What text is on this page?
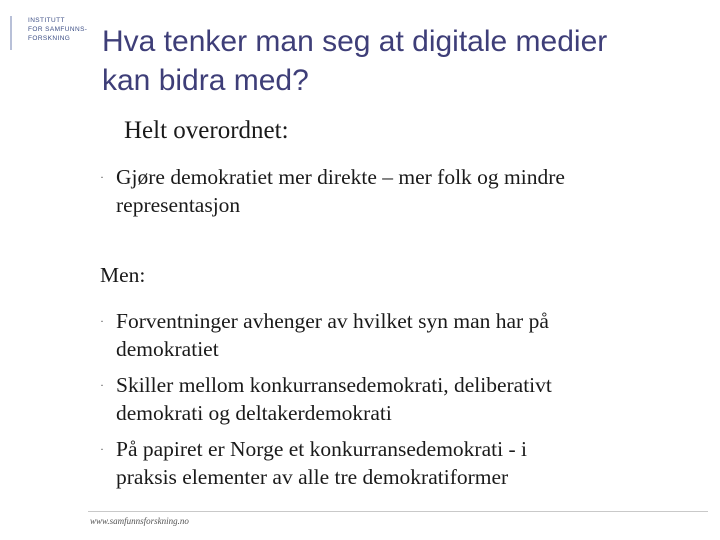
INSTITUTT
FOR SAMFUNNS-
FORSKNING Hva tenker man seg at digitale medier
kan bidra med?
Helt overordnet:
· Gjøre demokratiet mer direkte – mer folk og mindre
representasjon
Men:
· Forventninger avhenger av hvilket syn man har på
demokratiet
· Skiller mellom konkurransedemokrati, deliberativt
demokrati og deltakerdemokrati
· På papiret er Norge et konkurransedemokrati - i
praksis elementer av alle tre demokratiformer
www.samfunnsforskning.no
